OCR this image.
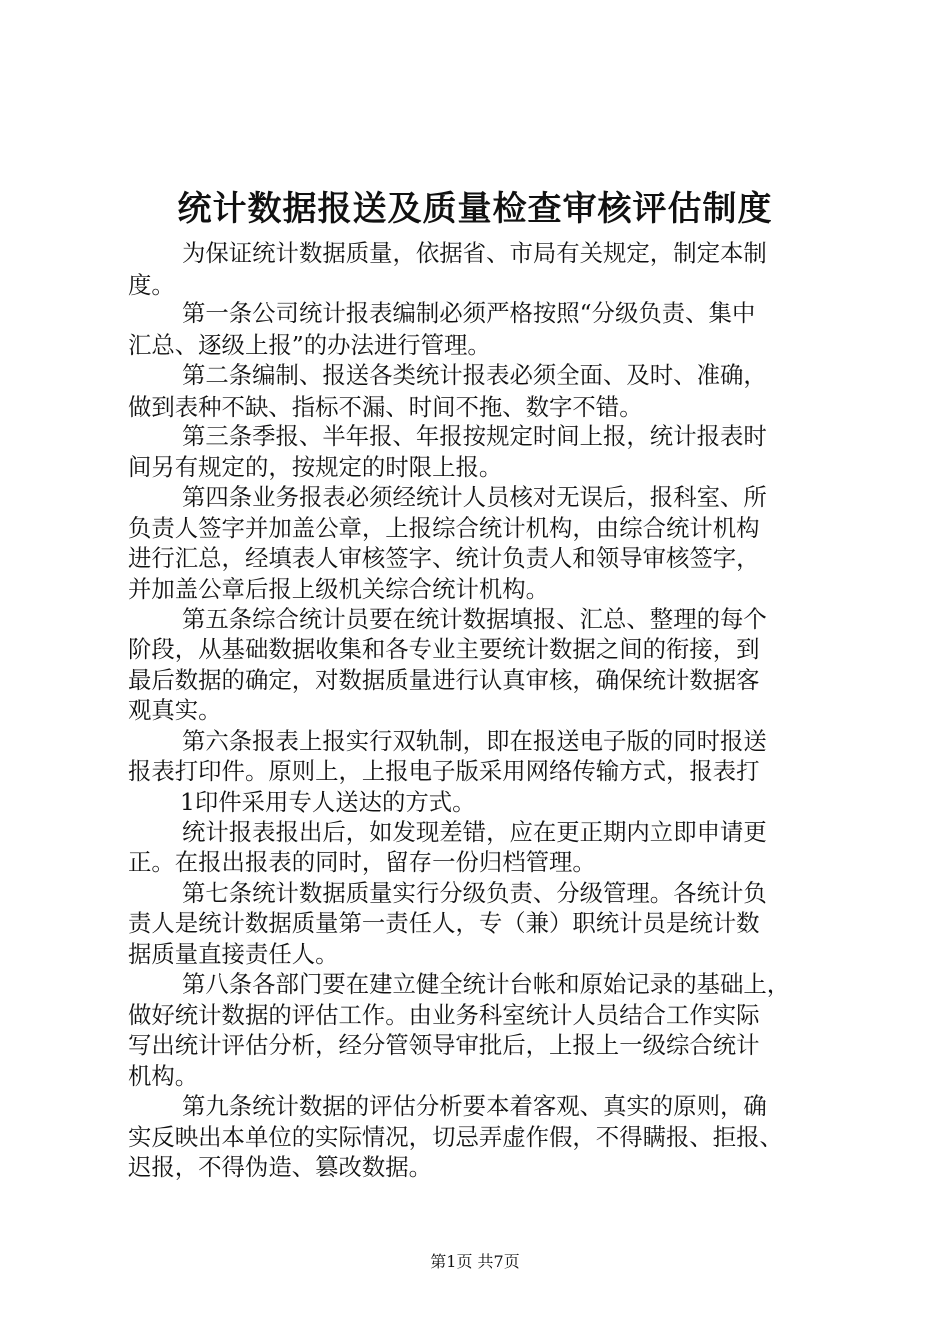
统计数据报送及质量检查审核评估制度
为保证统计数据质量，依据省、市局有关规定，制定本制
度。
第一条公司统计报表编制必须严格按照“分级负责、集中
汇总、逐级上报”的办法进行管理。
第二条编制、报送各类统计报表必须全面、及时、准确，
做到表种不缺、指标不漏、时间不拖、数字不错。
第三条季报、半年报、年报按规定时间上报，统计报表时
间另有规定的，按规定的时限上报。
第四条业务报表必须经统计人员核对无误后，报科室、所
负责人签字并加盖公章，上报综合统计机构，由综合统计机构
进行汇总，经填表人审核签字、统计负责人和领导审核签字，
并加盖公章后报上级机关综合统计机构。
第五条综合统计员要在统计数据填报、汇总、整理的每个
阶段，从基础数据收集和各专业主要统计数据之间的衔接，到
最后数据的确定，对数据质量进行认真审核，确保统计数据客
观真实。
第六条报表上报实行双轨制，即在报送电子版的同时报送
报表打印件。原则上，上报电子版采用网络传输方式，报表打
1印件采用专人送达的方式。
统计报表报出后，如发现差错，应在更正期内立即申请更
正。在报出报表的同时，留存一份归档管理。
第七条统计数据质量实行分级负责、分级管理。各统计负
责人是统计数据质量第一责任人，专（兼）职统计员是统计数
据质量直接责任人。
第八条各部门要在建立健全统计台帐和原始记录的基础上，
做好统计数据的评估工作。由业务科室统计人员结合工作实际
写出统计评估分析，经分管领导审批后，上报上一级综合统计
机构。
第九条统计数据的评估分析要本着客观、真实的原则，确
实反映出本单位的实际情况，切忌弄虚作假，不得瞒报、拒报、
迟报，不得伪造、篡改数据。
第1页 共7页
